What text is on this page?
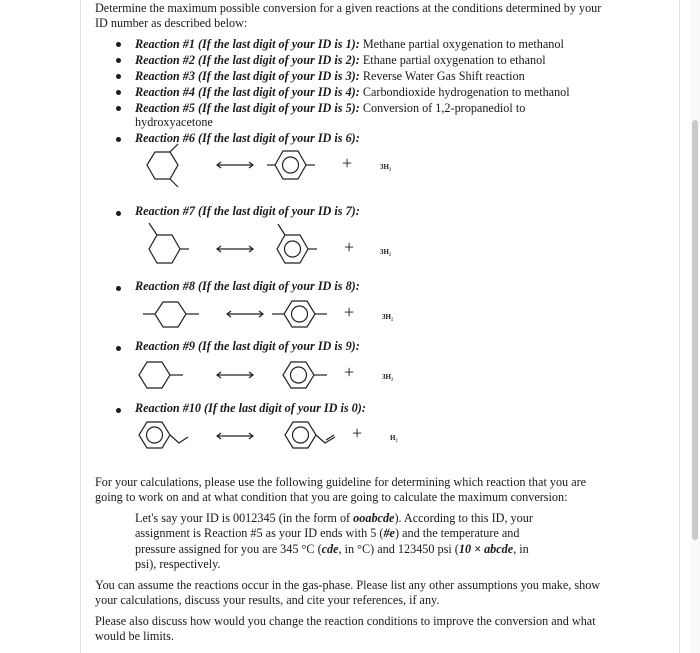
Determine the maximum possible conversion for a given reactions at the conditions determined by your
ID number as described below:
Reaction #1 (If the last digit of your ID is 1): Methane partial oxygenation to methanol
Reaction #2 (If the last digit of your ID is 2): Ethane partial oxygenation to ethanol
Reaction #3 (If the last digit of your ID is 3): Reverse Water Gas Shift reaction
Reaction #4 (If the last digit of your ID is 4): Carbondioxide hydrogenation to methanol
Reaction #5 (If the last digit of your ID is 5): Conversion of 1,2-propanediol to
hydroxyacetone
Reaction #6 (If the last digit of your ID is 6):
+	3H₂
Reaction #7 (If the last digit of your ID is 7):
+	3H₂
Reaction #8 (If the last digit of your ID is 8):
+	3H₂
Reaction #9 (If the last digit of your ID is 9):
+	3H₂
Reaction #10 (If the last digit of your ID is 0):
+	H₂
For your calculations, please use the following guideline for determining which reaction that you are
going to work on and at what condition that you are going to calculate the maximum conversion:
Let's say your ID is 0012345 (in the form of ooabcde). According to this ID, your
assignment is Reaction #5 as your ID ends with 5 (#e) and the temperature and
pressure assigned for you are 345 °C (cde, in °C) and 123450 psi (10 × abcde, in
psi), respectively.
You can assume the reactions occur in the gas-phase. Please list any other assumptions you make, show
your calculations, discuss your results, and cite your references, if any.
Please also discuss how would you change the reaction conditions to improve the conversion and what
would be limits.
